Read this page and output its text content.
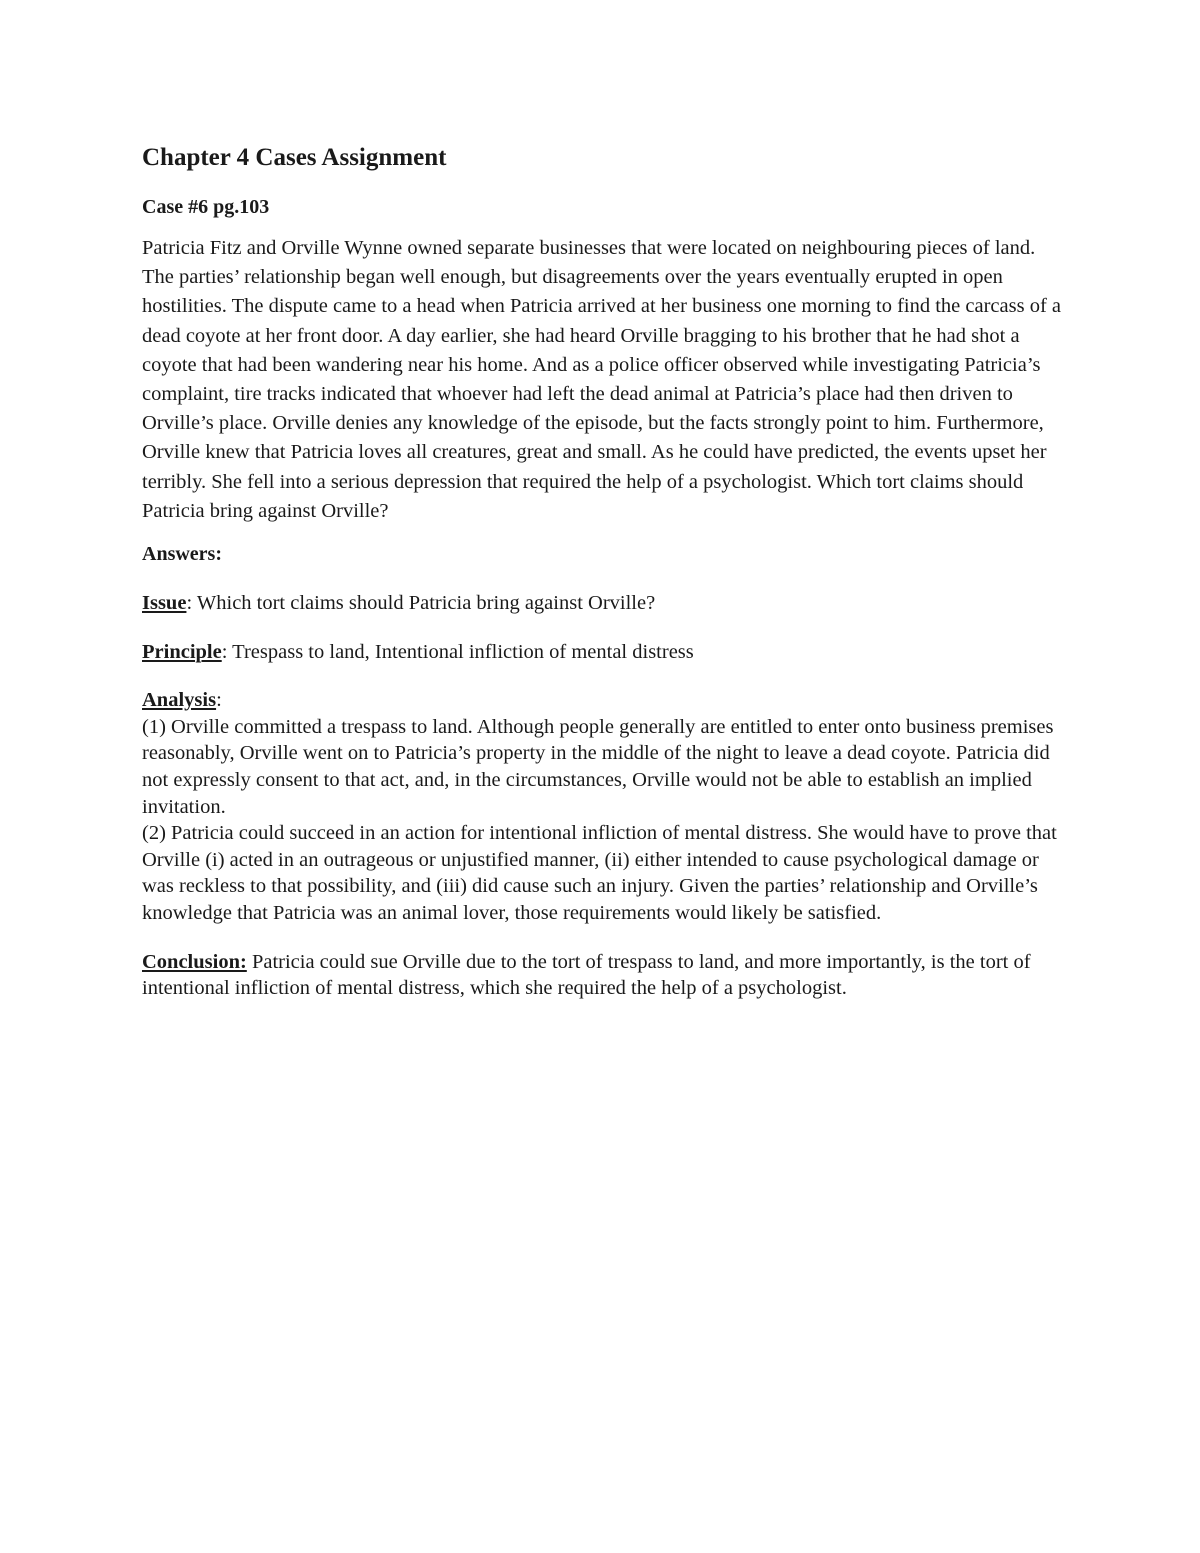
Chapter 4 Cases Assignment
Case #6 pg.103

Patricia Fitz and Orville Wynne owned separate businesses that were located on neighbouring pieces of land. The parties’ relationship began well enough, but disagreements over the years eventually erupted in open hostilities. The dispute came to a head when Patricia arrived at her business one morning to find the carcass of a dead coyote at her front door. A day earlier, she had heard Orville bragging to his brother that he had shot a coyote that had been wandering near his home. And as a police officer observed while investigating Patricia’s complaint, tire tracks indicated that whoever had left the dead animal at Patricia’s place had then driven to Orville’s place. Orville denies any knowledge of the episode, but the facts strongly point to him. Furthermore, Orville knew that Patricia loves all creatures, great and small. As he could have predicted, the events upset her terribly. She fell into a serious depression that required the help of a psychologist. Which tort claims should Patricia bring against Orville?

Answers:

Issue: Which tort claims should Patricia bring against Orville?

Principle: Trespass to land, Intentional infliction of mental distress

Analysis:
(1) Orville committed a trespass to land. Although people generally are entitled to enter onto business premises reasonably, Orville went on to Patricia’s property in the middle of the night to leave a dead coyote. Patricia did not expressly consent to that act, and, in the circumstances, Orville would not be able to establish an implied invitation.
(2) Patricia could succeed in an action for intentional infliction of mental distress. She would have to prove that Orville (i) acted in an outrageous or unjustified manner, (ii) either intended to cause psychological damage or was reckless to that possibility, and (iii) did cause such an injury. Given the parties’ relationship and Orville’s knowledge that Patricia was an animal lover, those requirements would likely be satisfied.

Conclusion: Patricia could sue Orville due to the tort of trespass to land, and more importantly, is the tort of intentional infliction of mental distress, which she required the help of a psychologist.
